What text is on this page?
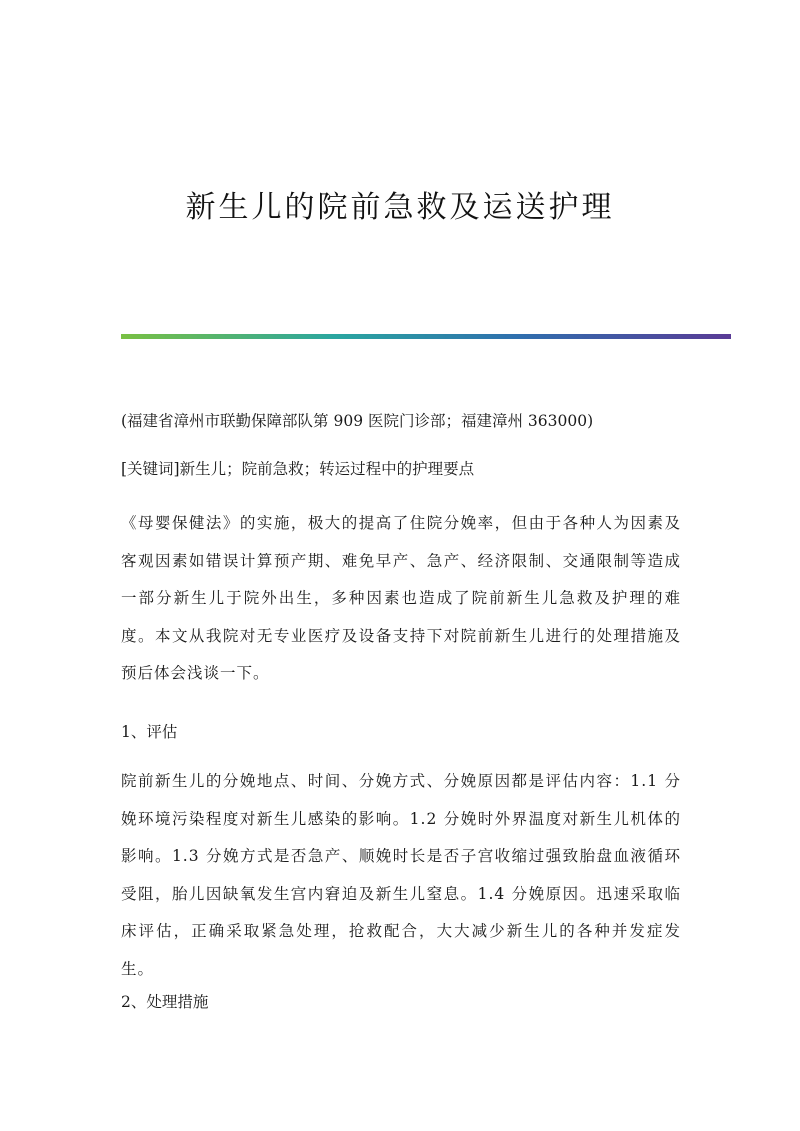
新生儿的院前急救及运送护理
(福建省漳州市联勤保障部队第 909 医院门诊部；福建漳州 363000)
[关键词]新生儿；院前急救；转运过程中的护理要点
《母婴保健法》的实施，极大的提高了住院分娩率，但由于各种人为因素及客观因素如错误计算预产期、难免早产、急产、经济限制、交通限制等造成一部分新生儿于院外出生，多种因素也造成了院前新生儿急救及护理的难度。本文从我院对无专业医疗及设备支持下对院前新生儿进行的处理措施及预后体会浅谈一下。
1、评估
院前新生儿的分娩地点、时间、分娩方式、分娩原因都是评估内容：1.1 分娩环境污染程度对新生儿感染的影响。1.2 分娩时外界温度对新生儿机体的影响。1.3 分娩方式是否急产、顺娩时长是否子宫收缩过强致胎盘血液循环受阻，胎儿因缺氧发生宫内窘迫及新生儿窒息。1.4 分娩原因。迅速采取临床评估，正确采取紧急处理，抢救配合，大大减少新生儿的各种并发症发生。
2、处理措施
